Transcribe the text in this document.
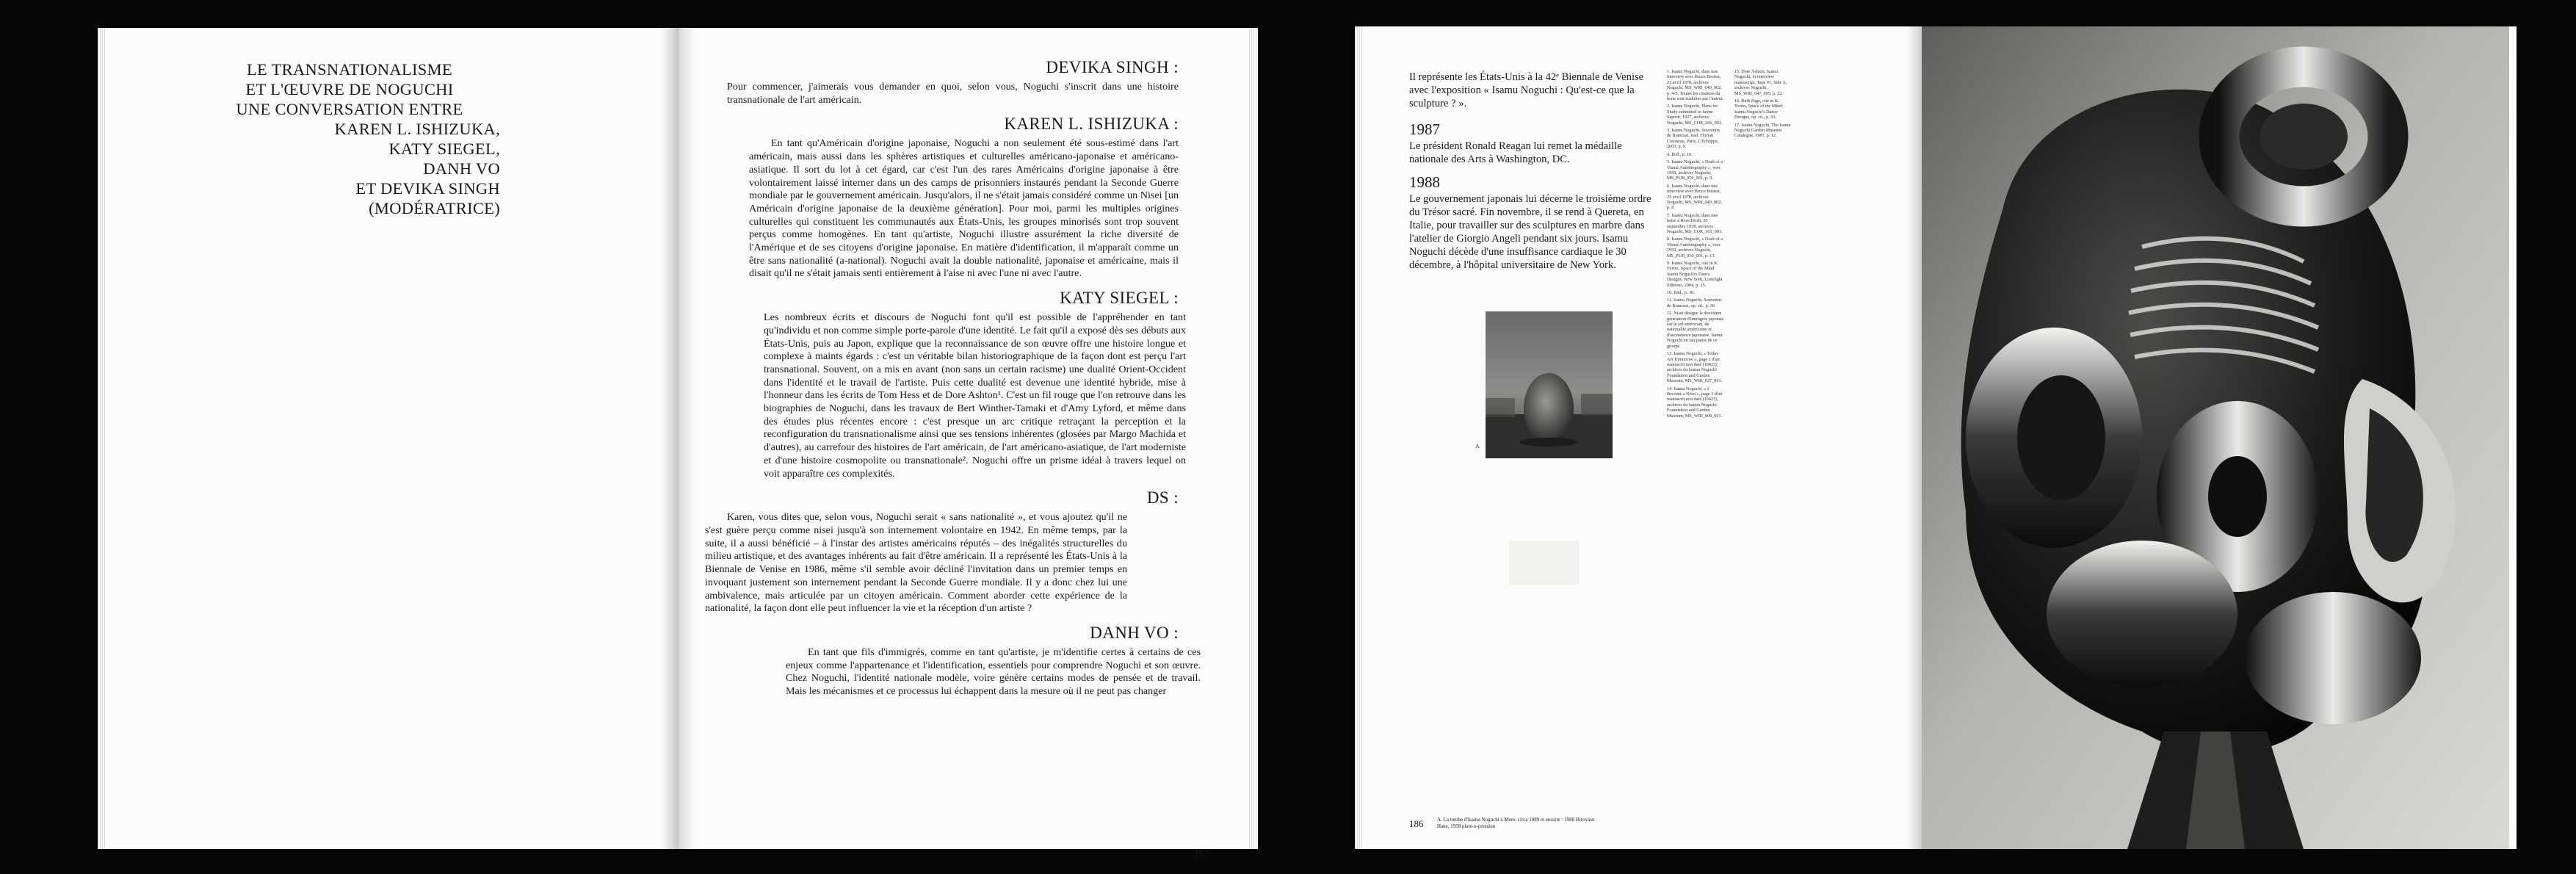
LE TRANSNATIONALISME
ET L'ŒUVRE DE NOGUCHI
UNE CONVERSATION ENTRE
KAREN L. ISHIZUKA,
KATY SIEGEL,
DANH VO
ET DEVIKA SINGH
(MODÉRATRICE)
DEVIKA SINGH :

Pour commencer, j'aimerais vous demander en quoi, selon vous, Noguchi s'inscrit dans une histoire transnationale de l'art américain.

KAREN L. ISHIZUKA :

En tant qu'Américain d'origine japonaise, Noguchi a non seulement été sous-estimé dans l'art américain, mais aussi dans les sphères artistiques et culturelles américano-japonaise et américano-asiatique. Il sort du lot à cet égard, car c'est l'un des rares Américains d'origine japonaise à être volontairement laissé interner dans un des camps de prisonniers instaurés pendant la Seconde Guerre mondiale par le gouvernement américain. Jusqu'alors, il ne s'était jamais considéré comme un Nisei [un Américain d'origine japonaise de la deuxième génération]. Pour moi, parmi les multiples origines culturelles qui constituent les communautés aux États-Unis, les groupes minorisés sont trop souvent perçus comme homogènes. En tant qu'artiste, Noguchi illustre assurément la riche diversité de l'Amérique et de ses citoyens d'origine japonaise. En matière d'identification, il m'apparaît comme un être sans nationalité (a-national). Noguchi avait la double nationalité, japonaise et américaine, mais il disait qu'il ne s'était jamais senti entièrement à l'aise ni avec l'une ni avec l'autre.

KATY SIEGEL :

Les nombreux écrits et discours de Noguchi font qu'il est possible de l'appréhender en tant qu'individu et non comme simple porte-parole d'une identité. Le fait qu'il a exposé dès ses débuts aux États-Unis, puis au Japon, explique que la reconnaissance de son œuvre offre une histoire longue et complexe à maints égards : c'est un véritable bilan historiographique de la façon dont est perçu l'art transnational. Souvent, on a mis en avant (non sans un certain racisme) une dualité Orient-Occident dans l'identité et le travail de l'artiste. Puis cette dualité est devenue une identité hybride, mise à l'honneur dans les écrits de Tom Hess et de Dore Ashton¹. C'est un fil rouge que l'on retrouve dans les biographies de Noguchi, dans les travaux de Bert Winther-Tamaki et d'Amy Lyford, et même dans des études plus récentes encore : c'est presque un arc critique retraçant la perception et la reconfiguration du transnationalisme ainsi que ses tensions inhérentes (glosées par Margo Machida et d'autres), au carrefour des histoires de l'art américain, de l'art américano-asiatique, de l'art moderniste et d'une histoire cosmopolite ou transnationale². Noguchi offre un prisme idéal à travers lequel on voit apparaître ces complexités.

DS :

Karen, vous dites que, selon vous, Noguchi serait « sans nationalité », et vous ajoutez qu'il ne s'est guère perçu comme nisei jusqu'à son internement volontaire en 1942. En même temps, par la suite, il a aussi bénéficié – à l'instar des artistes américains réputés – des inégalités structurelles du milieu artistique, et des avantages inhérents au fait d'être américain. Il a représenté les États-Unis à la Biennale de Venise en 1986, même s'il semble avoir décliné l'invitation dans un premier temps en invoquant justement son internement pendant la Seconde Guerre mondiale. Il y a donc chez lui une ambivalence, mais articulée par un citoyen américain. Comment aborder cette expérience de la nationalité, la façon dont elle peut influencer la vie et la réception d'un artiste ?

DANH VO :

En tant que fils d'immigrés, comme en tant qu'artiste, je m'identifie certes à certains de ces enjeux comme l'appartenance et l'identification, essentiels pour comprendre Noguchi et son œuvre. Chez Noguchi, l'identité nationale modèle, voire génère certains modes de pensée et de travail. Mais les mécanismes et ce processus lui échappent dans la mesure où il ne peut pas changer

167

Il représente les États-Unis à la 42ᵉ Biennale de Venise avec l'exposition « Isamu Noguchi : Qu'est-ce que la sculpture ? ».

1987

Le président Ronald Reagan lui remet la médaille nationale des Arts à Washington, DC.

1988

Le gouvernement japonais lui décerne le troisième ordre du Trésor sacré. Fin novembre, il se rend à Quereta, en Italie, pour travailler sur des sculptures en marbre dans l'atelier de Giorgio Angeli pendant six jours. Isamu Noguchi décède d'une insuffisance cardiaque le 30 décembre, à l'hôpital universitaire de New York.

A
1. Isamu Noguchi, dans une interview avec Bruce Boston, 23 avril 1978, archives Noguchi, MS_WRI_049_002, p. 4-5. Toutes les citations du texte sont traduites par l'auteur.
2. Isamu Noguchi, Plans for Study submitted to Jaime Saporit, 1927, archives Noguchi, MS_COR_206_001.
3. Isamu Noguchi, Souvenirs de Brancusi, trad. Florian Cousseau, Paris, L'Échoppe, 2003, p. 9.
4. Ibid., p. 10.
5. Isamu Noguchi, « Draft of a Visual Autobiography », vers 1959, archives Noguchi, MS_PUB_050_001, p. 9.
6. Isamu Noguchi, dans une interview avec Bruce Boston, 25 avril 1978, archives Noguchi, MS_WRI_049_002, p. 9.
7. Isamu Noguchi, dans une lettre à Rose Hirsh, 20 septembre 1978, archives Noguchi, MS_COR_101_003.
8. Isamu Noguchi, « Draft of a Visual Autobiography », vers 1959, archives Noguchi, MS_PUB_050_001, p. 13.
9. Isamu Noguchi, cité in K. Torres, Space of the Mind: Isamu Noguchi's Dance Designs, New York, Limelight Editions, 2004, p. 25.
10. Ibid., p. 30.
11. Isamu Noguchi, Souvenirs de Brancusi, op. cit., p. 36.
12. Nisei désigne la deuxième génération d'immigrés japonais sur le sol américain, de nationalité américaine et d'ascendance japonaise. Isamu Noguchi en fait partie de ce groupe.
13. Isamu Noguchi, « Today Art Tomorrow », page 1 d'un manuscrit non daté (1942?), archives du Isamu Noguchi Foundation and Garden Museum, MS_WRI_027_001.
14. Isamu Noguchi, « I Become a Nisei », page 3 d'un manuscrit non daté (1942?), archives du Isamu Noguchi Foundation and Garden Museum, MS_WRI_009_001.
15. Dore Ashton, Isamu Noguchi, in interview manuscript, Tape #1, Side A, archives Noguchi, MS_WRI_047_005, p. 22.
16. Ruth Page, cité in K. Torres, Space of the Mind: Isamu Noguchi's Dance Designs, op. cit., p. 63.
17. Isamu Noguchi, The Isamu Noguchi Garden Museum Catalogue, 1987, p. 12.
186	A. La tombe d'Isamu Noguchi à Mure, circa 1989 et ensuite : 1988 Hiroyasu Hane, 1958 plate-o-pression
